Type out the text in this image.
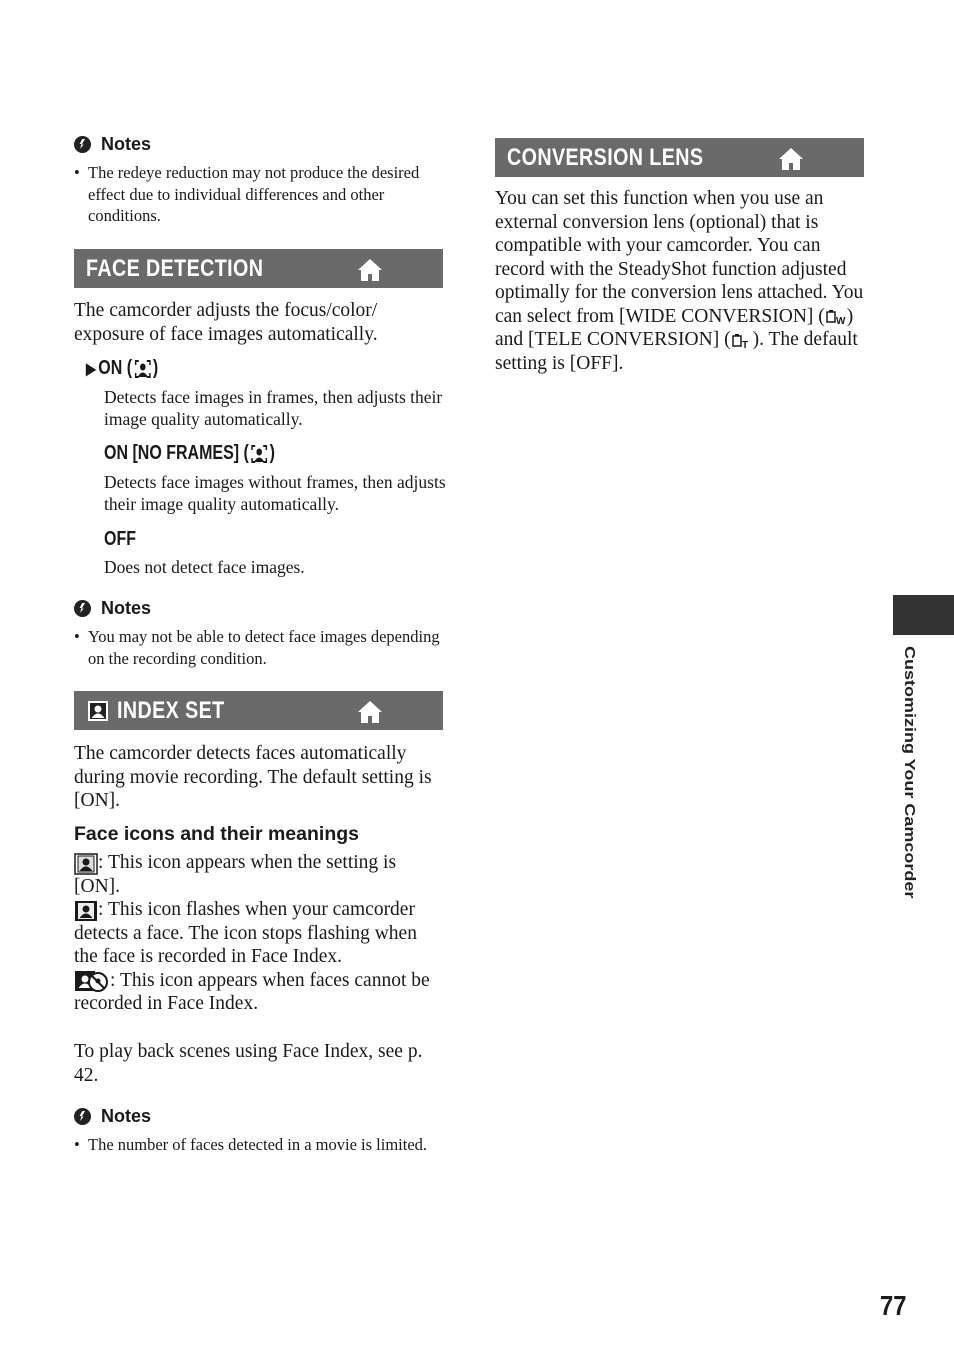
Notes
• The redeye reduction may not produce the desired effect due to individual differences and other conditions.
FACE DETECTION
The camcorder adjusts the focus/color/ exposure of face images automatically.
▶ ON ( )
Detects face images in frames, then adjusts their image quality automatically.
ON [NO FRAMES] ( )
Detects face images without frames, then adjusts their image quality automatically.
OFF
Does not detect face images.
Notes
• You may not be able to detect face images depending on the recording condition.
INDEX SET
The camcorder detects faces automatically during movie recording. The default setting is [ON].
Face icons and their meanings
: This icon appears when the setting is [ON].
: This icon flashes when your camcorder detects a face. The icon stops flashing when the face is recorded in Face Index.
: This icon appears when faces cannot be recorded in Face Index.
To play back scenes using Face Index, see p. 42.
Notes
• The number of faces detected in a movie is limited.
CONVERSION LENS
You can set this function when you use an external conversion lens (optional) that is compatible with your camcorder. You can record with the SteadyShot function adjusted optimally for the conversion lens attached. You can select from [WIDE CONVERSION] ( W ) and [TELE CONVERSION] ( T ). The default setting is [OFF].
Customizing Your Camcorder
77
